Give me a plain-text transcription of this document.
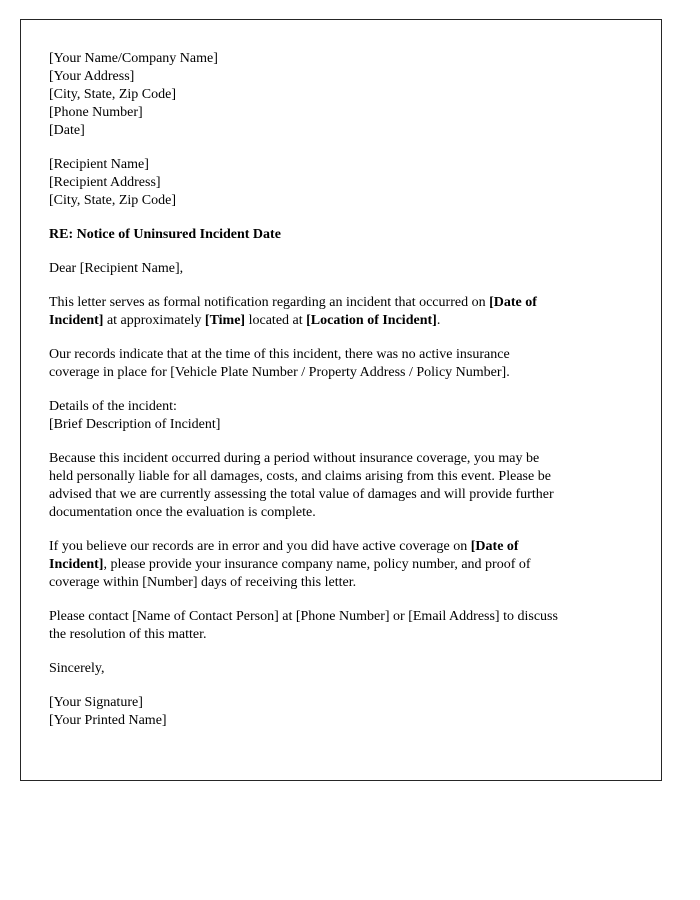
[Your Name/Company Name]
[Your Address]
[City, State, Zip Code]
[Phone Number]
[Date]
[Recipient Name]
[Recipient Address]
[City, State, Zip Code]
RE: Notice of Uninsured Incident Date
Dear [Recipient Name],

This letter serves as formal notification regarding an incident that occurred on [Date of
Incident] at approximately [Time] located at [Location of Incident].

Our records indicate that at the time of this incident, there was no active insurance
coverage in place for [Vehicle Plate Number / Property Address / Policy Number].

Details of the incident:
[Brief Description of Incident]

Because this incident occurred during a period without insurance coverage, you may be
held personally liable for all damages, costs, and claims arising from this event. Please be
advised that we are currently assessing the total value of damages and will provide further
documentation once the evaluation is complete.

If you believe our records are in error and you did have active coverage on [Date of
Incident], please provide your insurance company name, policy number, and proof of
coverage within [Number] days of receiving this letter.

Please contact [Name of Contact Person] at [Phone Number] or [Email Address] to discuss
the resolution of this matter.

Sincerely,
[Your Signature]
[Your Printed Name]
